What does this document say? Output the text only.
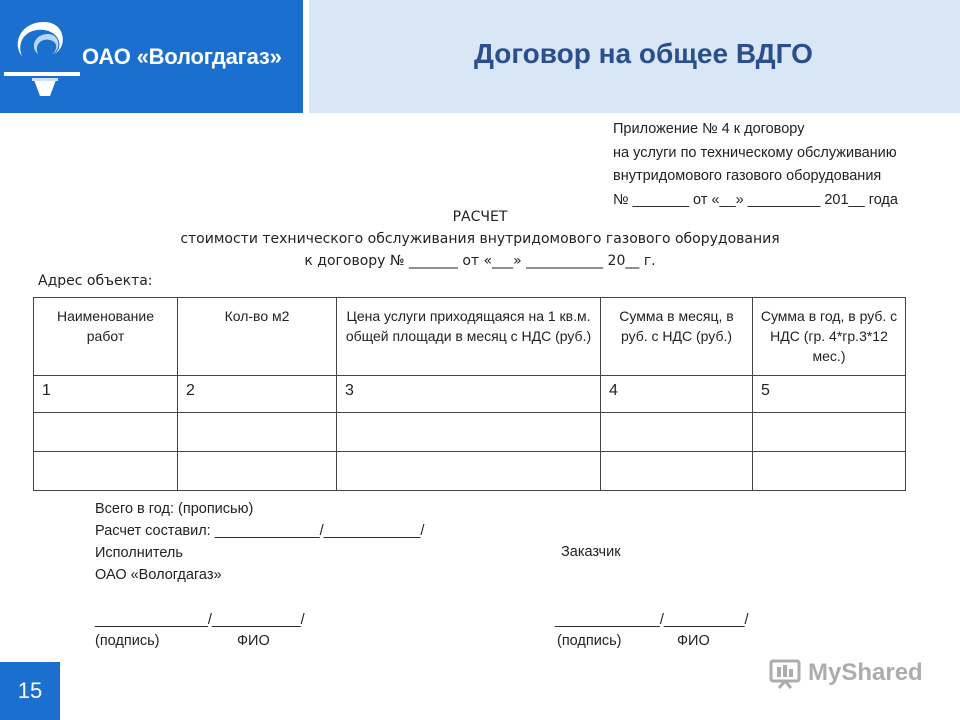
ОАО «Вологдагаз»	Договор на общее ВДГО
Приложение № 4 к договору
на услуги по техническому обслуживанию
внутридомового газового оборудования
№ _______ от «__» _________ 201__ года
РАСЧЕТ
стоимости технического обслуживания внутридомового газового оборудования
к договору № _______ от «___» ___________ 20__ г.
Адрес объекта:
Наименование работ	Кол-во м2	Цена услуги приходящаяся на 1 кв.м. общей площади в месяц с НДС (руб.)	Сумма в месяц, в руб. с НДС (руб.)	Сумма в год, в руб. с НДС (гр. 4*гр.3*12 мес.)
1	2	3	4	5

Всего в год: (прописью)
Расчет составил: _____________/____________/
Исполнитель
ОАО «Вологдагаз»
Заказчик
______________/___________/
(подпись)	ФИО
_____________/__________/
(подпись)	ФИО
15
MyShared
